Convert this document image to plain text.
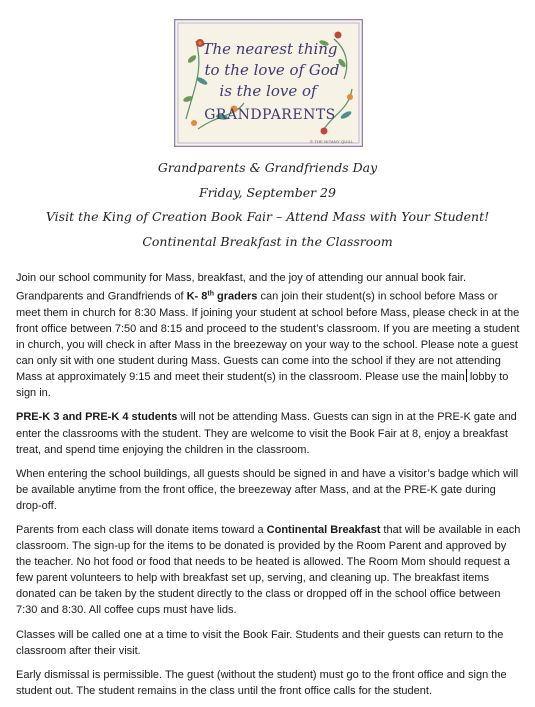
The nearest thing
to the love of God
is the love of
GRANDPARENTS
© THE NITANY QUILL
Grandparents & Grandfriends Day
Friday, September 29
Visit the King of Creation Book Fair – Attend Mass with Your Student!
Continental Breakfast in the Classroom

Join our school community for Mass, breakfast, and the joy of attending our annual book fair. Grandparents and Grandfriends of K- 8th graders can join their student(s) in school before Mass or meet them in church for 8:30 Mass. If joining your student at school before Mass, please check in at the front office between 7:50 and 8:15 and proceed to the student’s classroom. If you are meeting a student in church, you will check in after Mass in the breezeway on your way to the school. Please note a guest can only sit with one student during Mass. Guests can come into the school if they are not attending Mass at approximately 9:15 and meet their student(s) in the classroom. Please use the main lobby to sign in.

PRE-K 3 and PRE-K 4 students will not be attending Mass. Guests can sign in at the PRE-K gate and enter the classrooms with the student. They are welcome to visit the Book Fair at 8, enjoy a breakfast treat, and spend time enjoying the children in the classroom.

When entering the school buildings, all guests should be signed in and have a visitor’s badge which will be available anytime from the front office, the breezeway after Mass, and at the PRE-K gate during drop-off.

Parents from each class will donate items toward a Continental Breakfast that will be available in each classroom. The sign-up for the items to be donated is provided by the Room Parent and approved by the teacher. No hot food or food that needs to be heated is allowed. The Room Mom should request a few parent volunteers to help with breakfast set up, serving, and cleaning up. The breakfast items donated can be taken by the student directly to the class or dropped off in the school office between 7:30 and 8:30. All coffee cups must have lids.

Classes will be called one at a time to visit the Book Fair. Students and their guests can return to the classroom after their visit.

Early dismissal is permissible. The guest (without the student) must go to the front office and sign the student out. The student remains in the class until the front office calls for the student.
